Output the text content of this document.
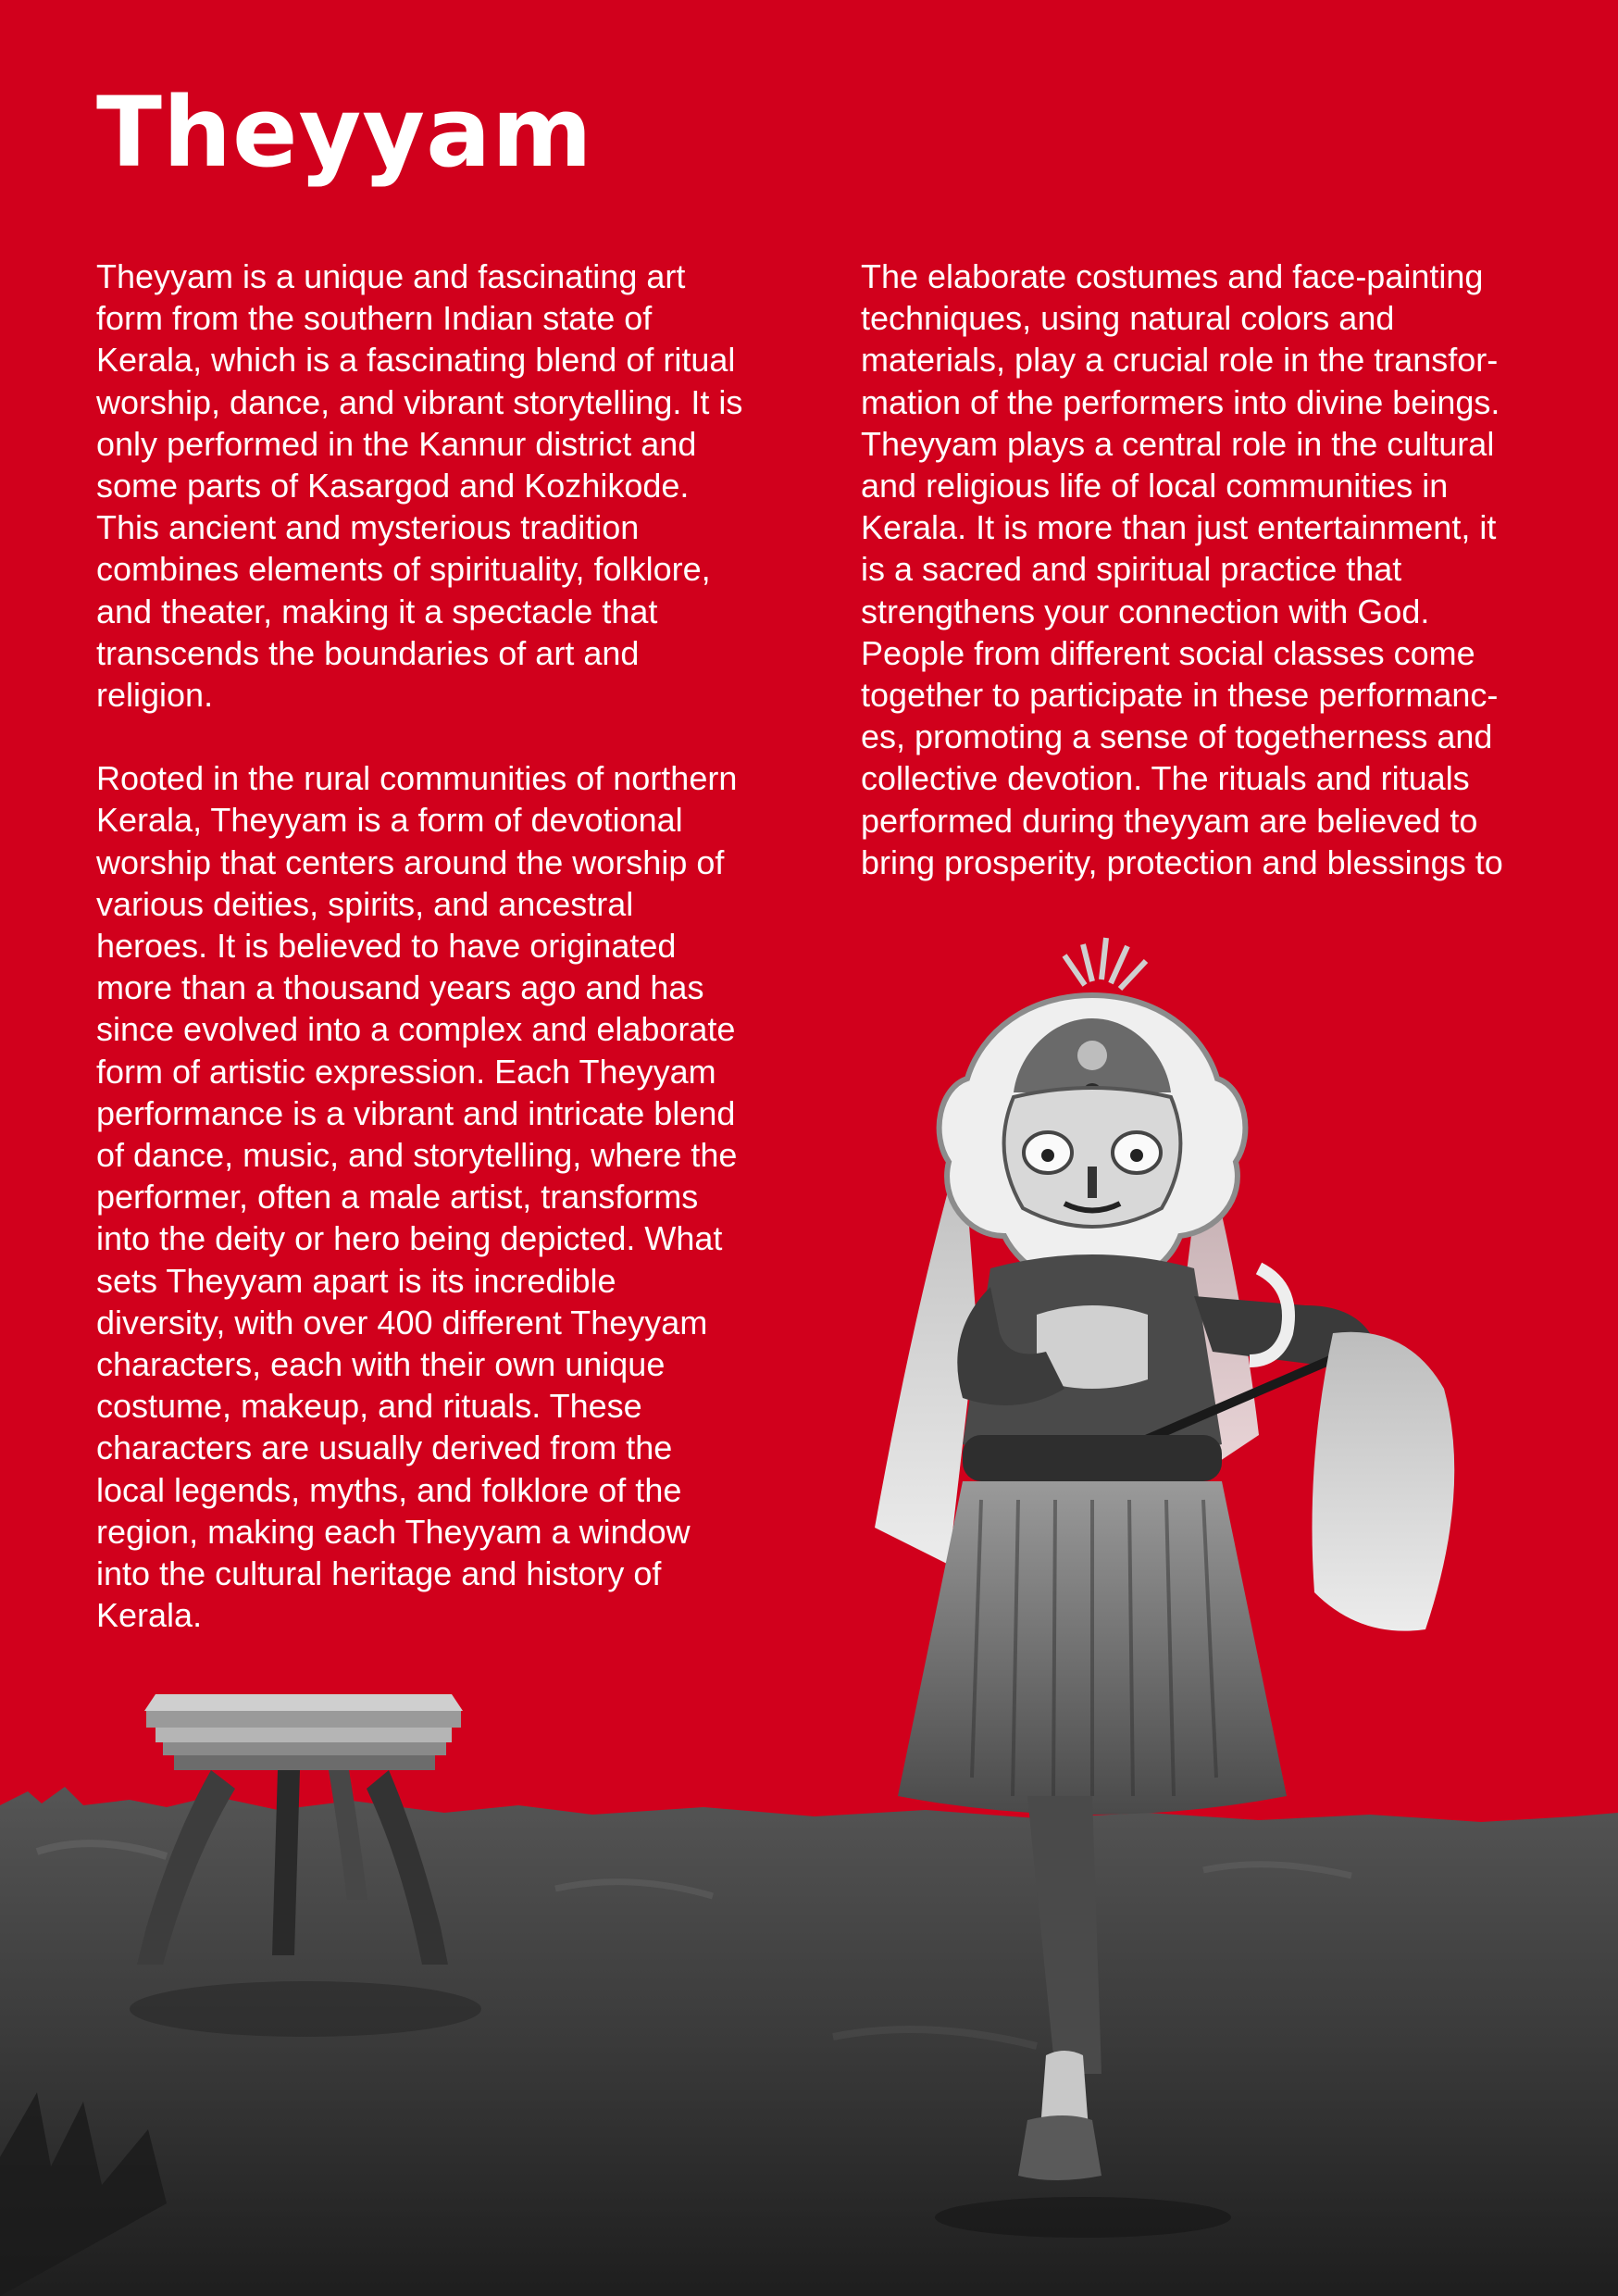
Theyyam

Theyyam is a unique and fascinating art
form from the southern Indian state of
Kerala, which is a fascinating blend of ritual
worship, dance, and vibrant storytelling. It is
only performed in the Kannur district and
some parts of Kasargod and Kozhikode.
This ancient and mysterious tradition
combines elements of spirituality, folklore,
and theater, making it a spectacle that
transcends the boundaries of art and
religion.

Rooted in the rural communities of northern
Kerala, Theyyam is a form of devotional
worship that centers around the worship of
various deities, spirits, and ancestral
heroes. It is believed to have originated
more than a thousand years ago and has
since evolved into a complex and elaborate
form of artistic expression. Each Theyyam
performance is a vibrant and intricate blend
of dance, music, and storytelling, where the
performer, often a male artist, transforms
into the deity or hero being depicted. What
sets Theyyam apart is its incredible
diversity, with over 400 different Theyyam
characters, each with their own unique
costume, makeup, and rituals. These
characters are usually derived from the
local legends, myths, and folklore of the
region, making each Theyyam a window
into the cultural heritage and history of
Kerala.

The elaborate costumes and face-painting
techniques, using natural colors and
materials, play a crucial role in the transfor-
mation of the performers into divine beings.
Theyyam plays a central role in the cultural
and religious life of local communities in
Kerala. It is more than just entertainment, it
is a sacred and spiritual practice that
strengthens your connection with God.
People from different social classes come
together to participate in these performanc-
es, promoting a sense of togetherness and
collective devotion. The rituals and rituals
performed during theyyam are believed to
bring prosperity, protection and blessings to
